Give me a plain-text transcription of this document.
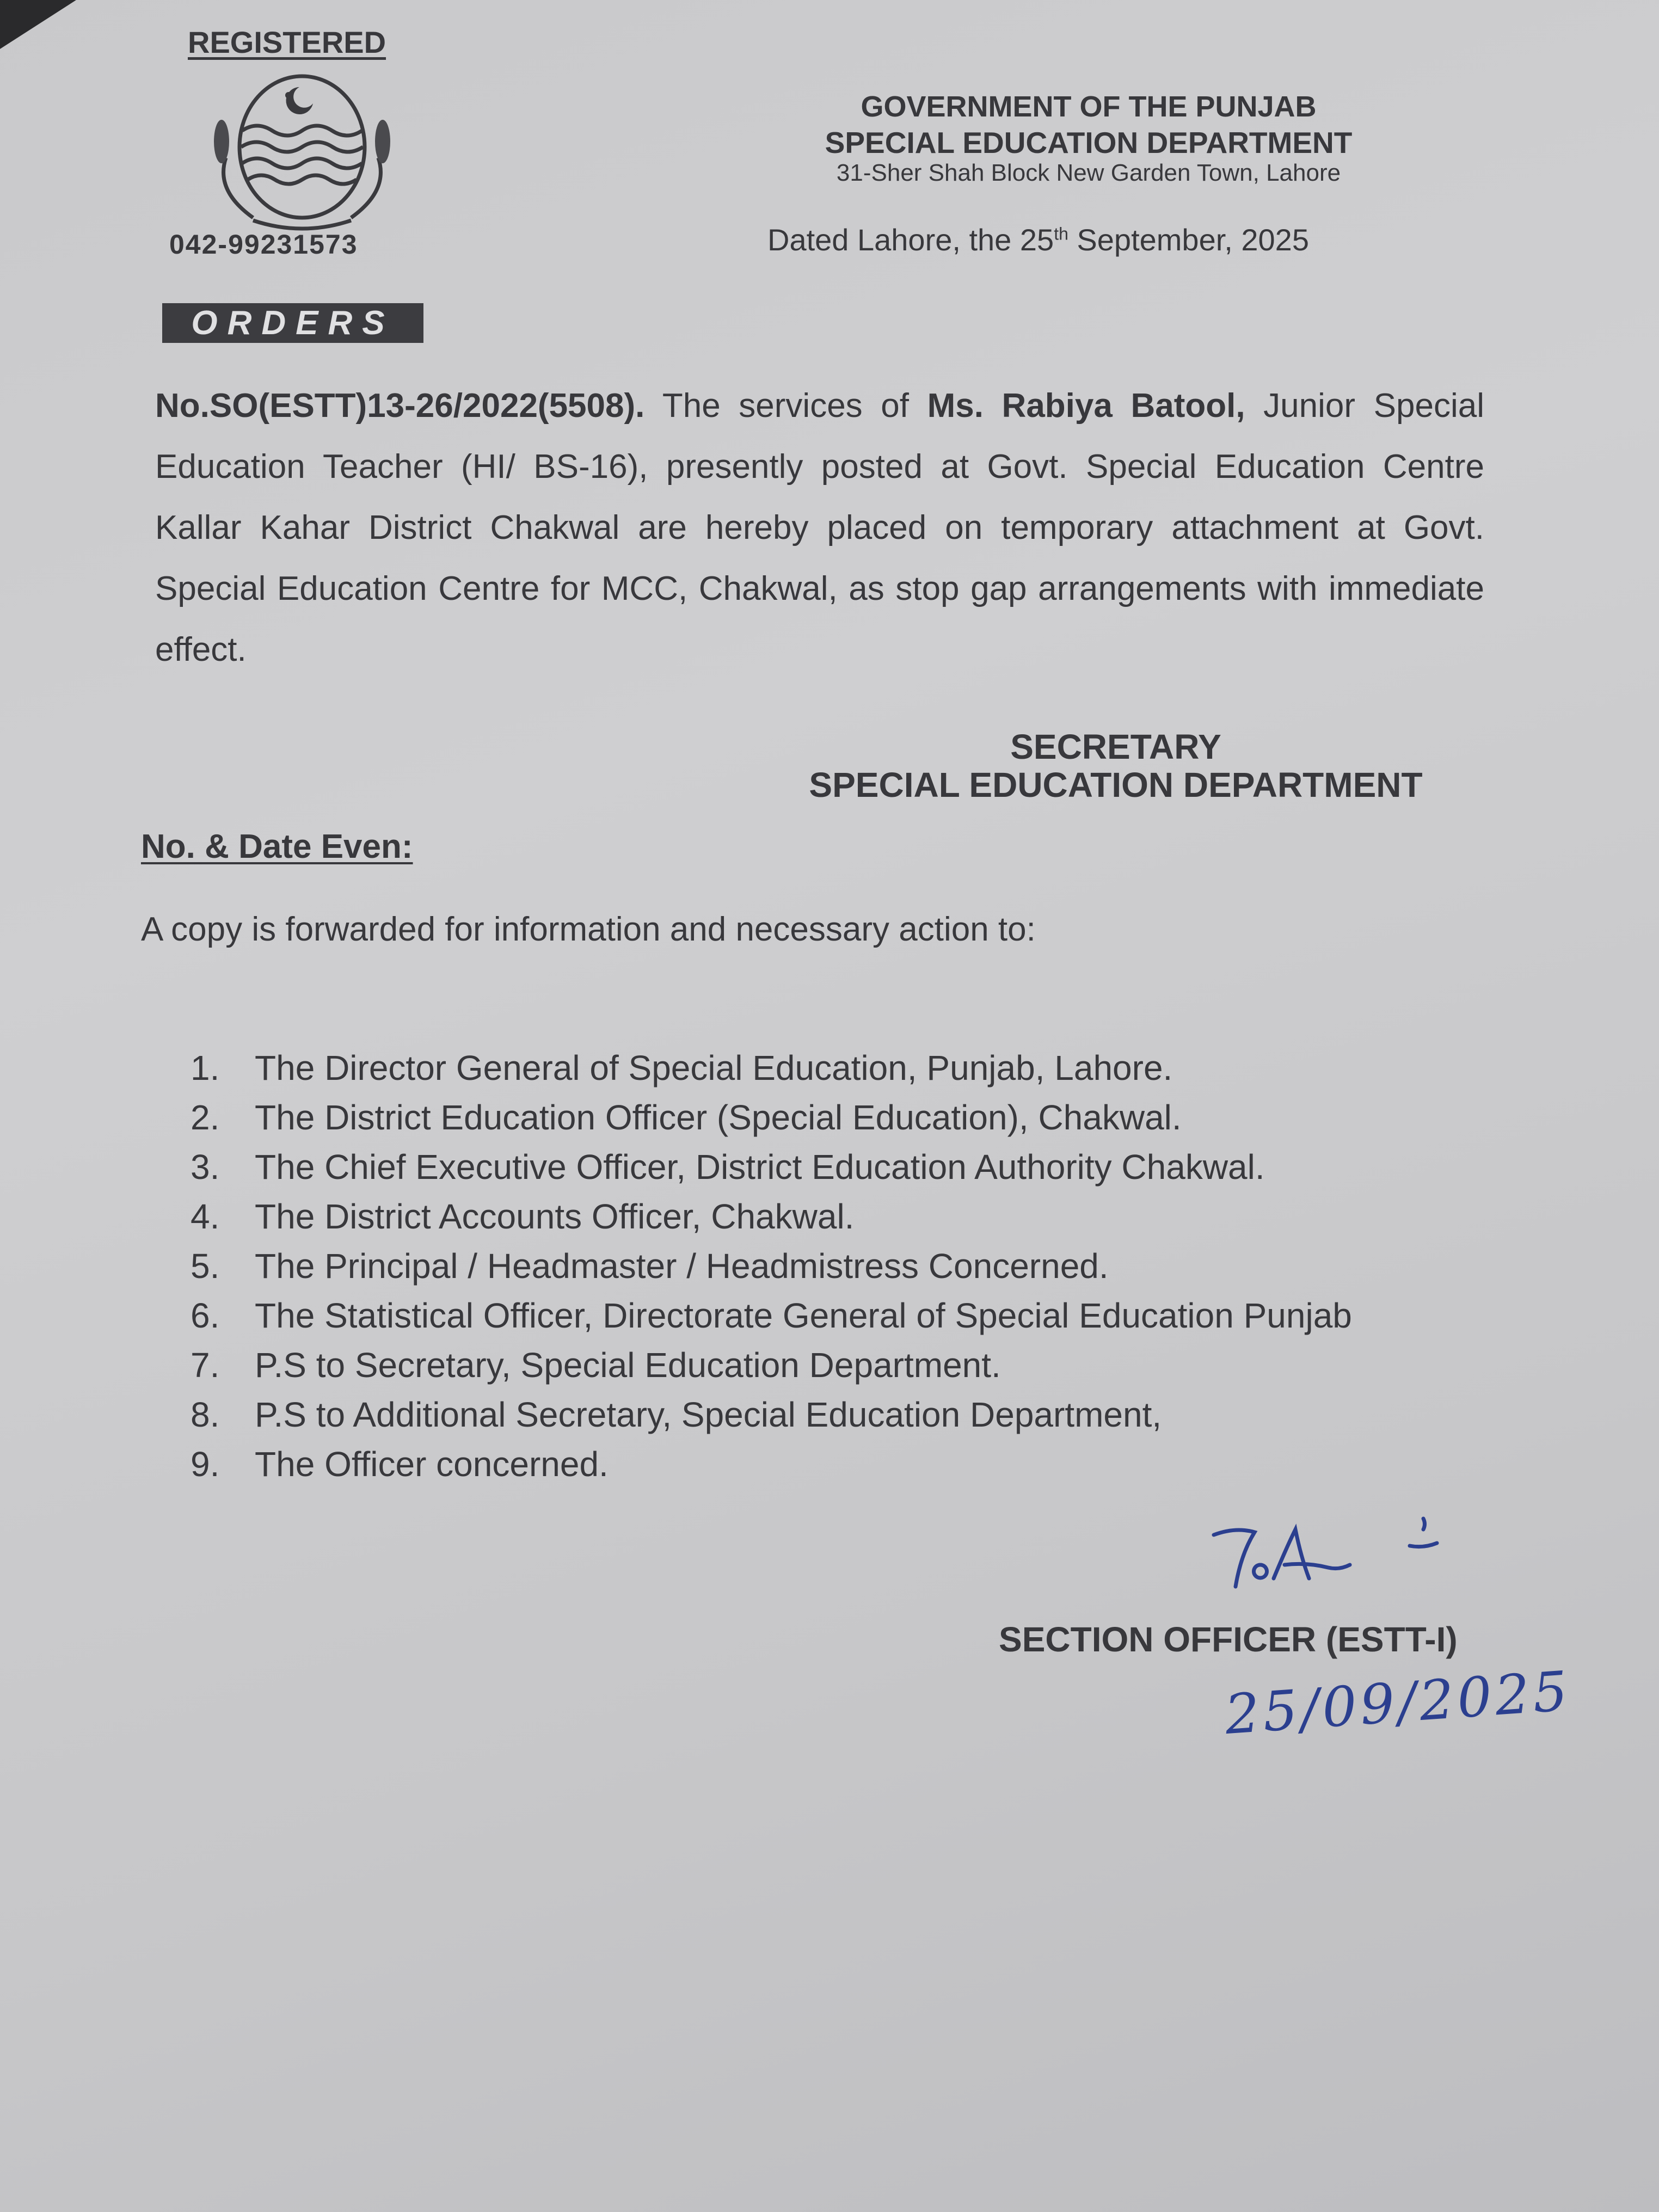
REGISTERED
042-99231573
GOVERNMENT OF THE PUNJAB
SPECIAL EDUCATION DEPARTMENT
31-Sher Shah Block New Garden Town, Lahore
Dated Lahore, the 25th September, 2025
ORDERS
No.SO(ESTT)13-26/2022(5508). The services of Ms. Rabiya Batool, Junior Special Education Teacher (HI/ BS-16), presently posted at Govt. Special Education Centre Kallar Kahar District Chakwal are hereby placed on temporary attachment at Govt. Special Education Centre for MCC, Chakwal, as stop gap arrangements with immediate effect.
SECRETARY
SPECIAL EDUCATION DEPARTMENT
No. & Date Even:
A copy is forwarded for information and necessary action to:
1.	The Director General of Special Education, Punjab, Lahore.
2.	The District Education Officer (Special Education), Chakwal.
3.	The Chief Executive Officer, District Education Authority Chakwal.
4.	The District Accounts Officer, Chakwal.
5.	The Principal / Headmaster / Headmistress Concerned.
6.	The Statistical Officer, Directorate General of Special Education Punjab
7.	P.S to Secretary, Special Education Department.
8.	P.S to Additional Secretary, Special Education Department,
9.	The Officer concerned.
SECTION OFFICER (ESTT-I)
25/09/2025
